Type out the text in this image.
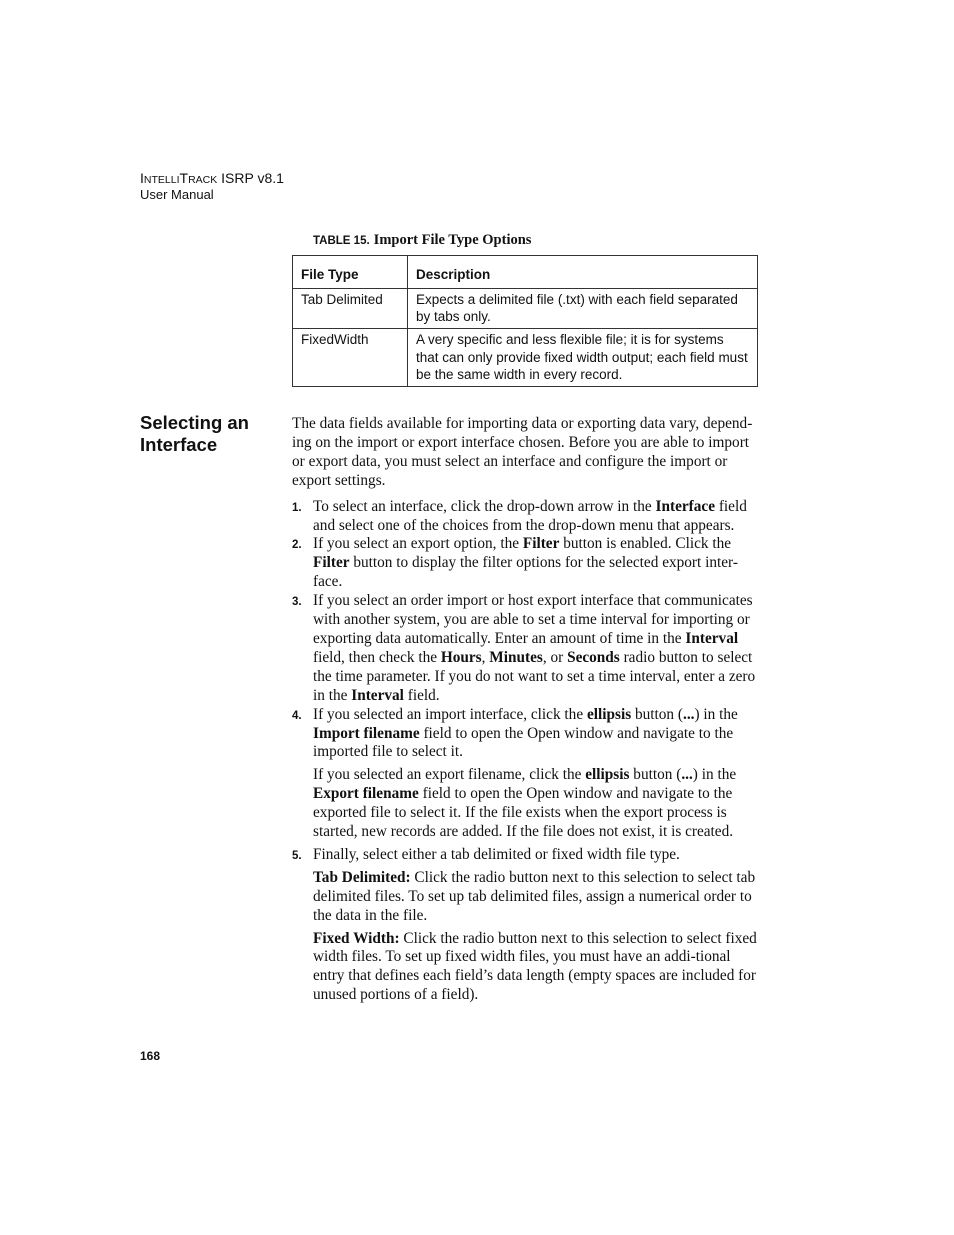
INTELLITRACK ISRP v8.1
User Manual
TABLE 15. Import File Type Options
File Type	Description
Tab Delimited	Expects a delimited file (.txt) with each field separated by tabs only.
FixedWidth	A very specific and less flexible file; it is for systems that can only provide fixed width output; each field must be the same width in every record.
Selecting an
Interface

The data fields available for importing data or exporting data vary, depend-ing on the import or export interface chosen. Before you are able to import or export data, you must select an interface and configure the import or export settings.

1. To select an interface, click the drop-down arrow in the Interface field and select one of the choices from the drop-down menu that appears.

2. If you select an export option, the Filter button is enabled. Click the Filter button to display the filter options for the selected export inter-face.

3. If you select an order import or host export interface that communicates with another system, you are able to set a time interval for importing or exporting data automatically. Enter an amount of time in the Interval field, then check the Hours, Minutes, or Seconds radio button to select the time parameter. If you do not want to set a time interval, enter a zero in the Interval field.

4. If you selected an import interface, click the ellipsis button (...) in the Import filename field to open the Open window and navigate to the imported file to select it.

If you selected an export filename, click the ellipsis button (...) in the Export filename field to open the Open window and navigate to the exported file to select it. If the file exists when the export process is started, new records are added. If the file does not exist, it is created.

5. Finally, select either a tab delimited or fixed width file type.

Tab Delimited: Click the radio button next to this selection to select tab delimited files. To set up tab delimited files, assign a numerical order to the data in the file.

Fixed Width: Click the radio button next to this selection to select fixed width files. To set up fixed width files, you must have an addi-tional entry that defines each field’s data length (empty spaces are included for unused portions of a field).

168
